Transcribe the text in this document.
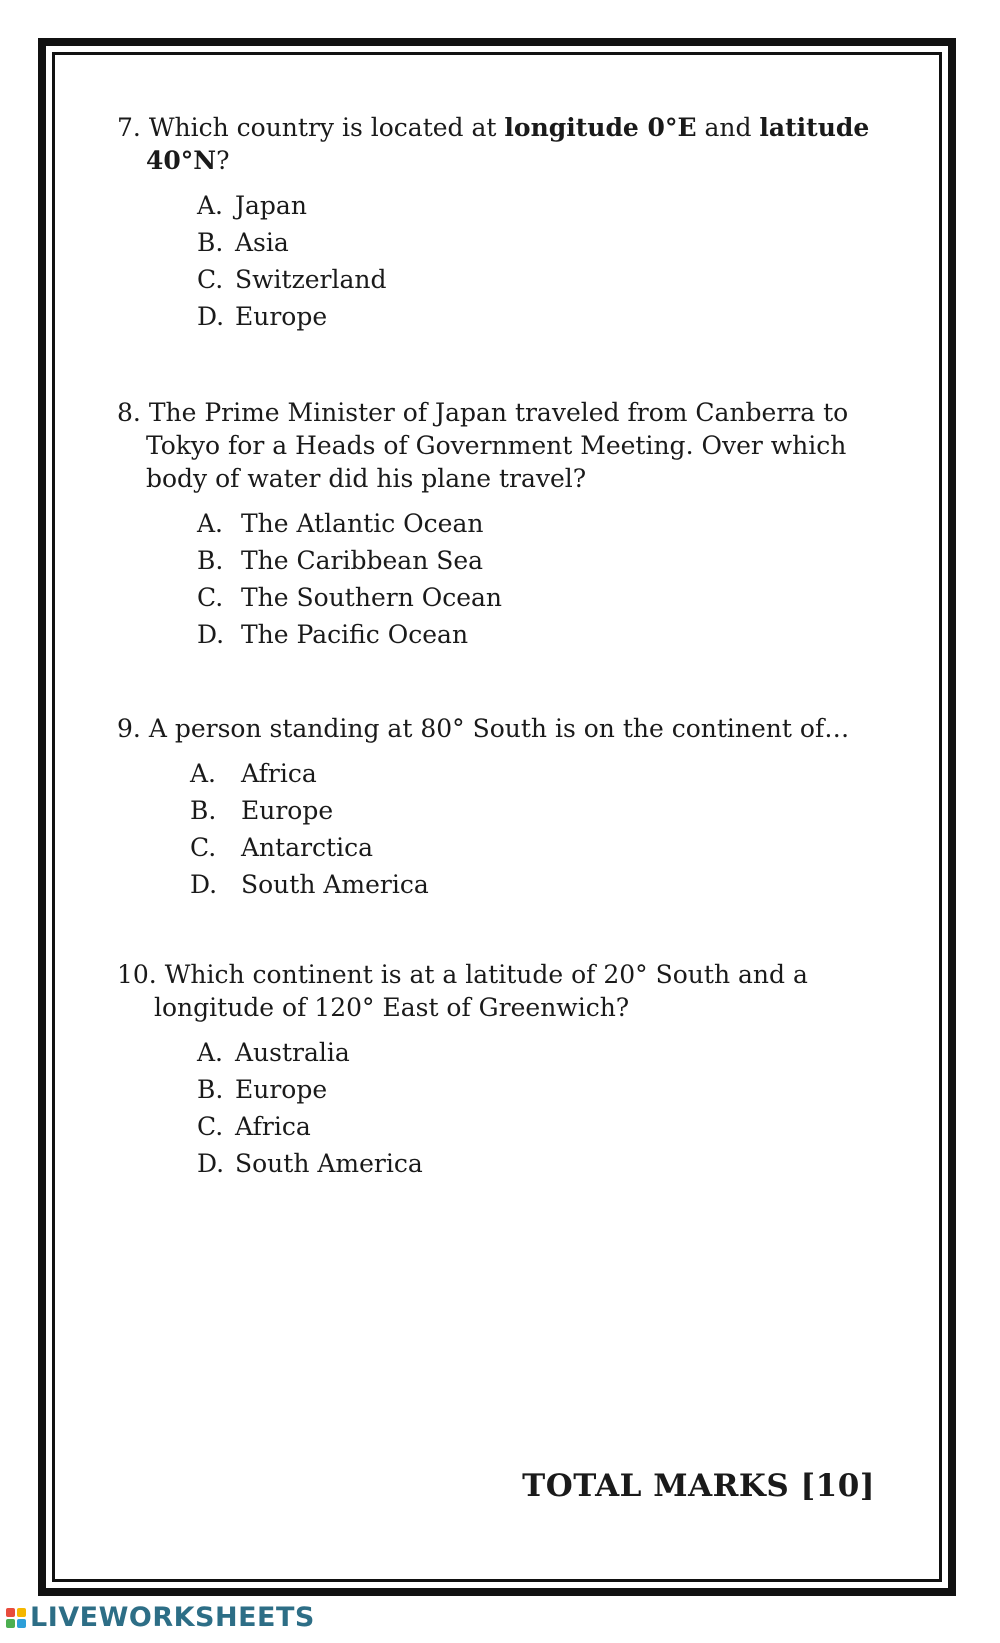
7. Which country is located at longitude 0°E and latitude 40°N?
A. Japan
B. Asia
C. Switzerland
D. Europe
8. The Prime Minister of Japan traveled from Canberra to Tokyo for a Heads of Government Meeting. Over which body of water did his plane travel?
A. The Atlantic Ocean
B. The Caribbean Sea
C. The Southern Ocean
D. The Pacific Ocean
9. A person standing at 80° South is on the continent of…
A. Africa
B. Europe
C. Antarctica
D. South America
10. Which continent is at a latitude of 20° South and a longitude of 120° East of Greenwich?
A. Australia
B. Europe
C. Africa
D. South America
TOTAL MARKS [10]
LIVEWORKSHEETS
